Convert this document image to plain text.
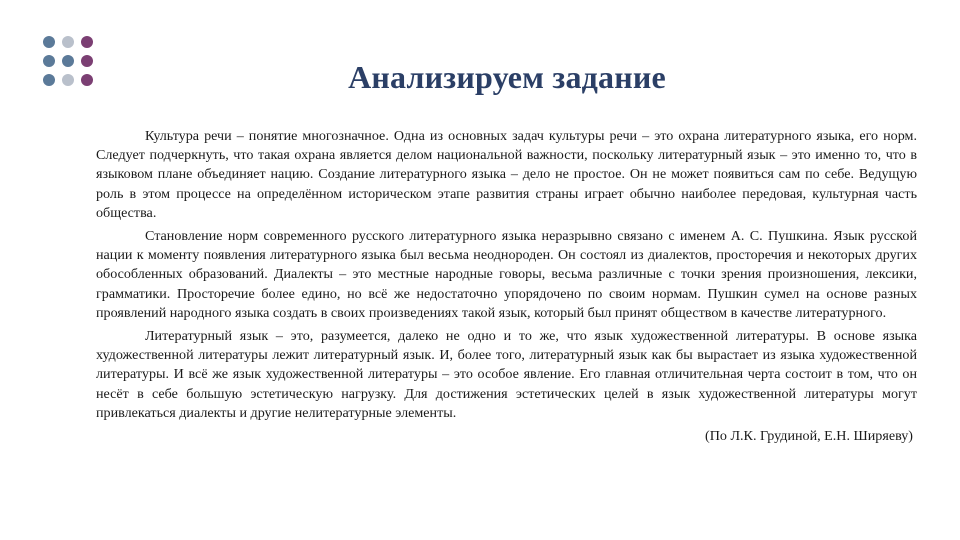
Анализируем задание

Культура речи – понятие многозначное. Одна из основных задач культуры речи – это охрана литературного языка, его норм. Следует подчеркнуть, что такая охрана является делом национальной важности, поскольку литературный язык – это именно то, что в языковом плане объединяет нацию. Создание литературного языка – дело не простое. Он не может появиться сам по себе. Ведущую роль в этом процессе на определённом историческом этапе развития страны играет обычно наиболее передовая, культурная часть общества.

Становление норм современного русского литературного языка неразрывно связано с именем А. С. Пушкина. Язык русской нации к моменту появления литературного языка был весьма неоднороден. Он состоял из диалектов, просторечия и некоторых других обособленных образований. Диалекты – это местные народные говоры, весьма различные с точки зрения произношения, лексики, грамматики. Просторечие более едино, но всё же недостаточно упорядочено по своим нормам. Пушкин сумел на основе разных проявлений народного языка создать в своих произведениях такой язык, который был принят обществом в качестве литературного.

Литературный язык – это, разумеется, далеко не одно и то же, что язык художественной литературы. В основе языка художественной литературы лежит литературный язык. И, более того, литературный язык как бы вырастает из языка художественной литературы. И всё же язык художественной литературы – это особое явление. Его главная отличительная черта состоит в том, что он несёт в себе большую эстетическую нагрузку. Для достижения эстетических целей в язык художественной литературы могут привлекаться диалекты и другие нелитературные элементы.

(По Л.К. Грудиной, Е.Н. Ширяеву)
